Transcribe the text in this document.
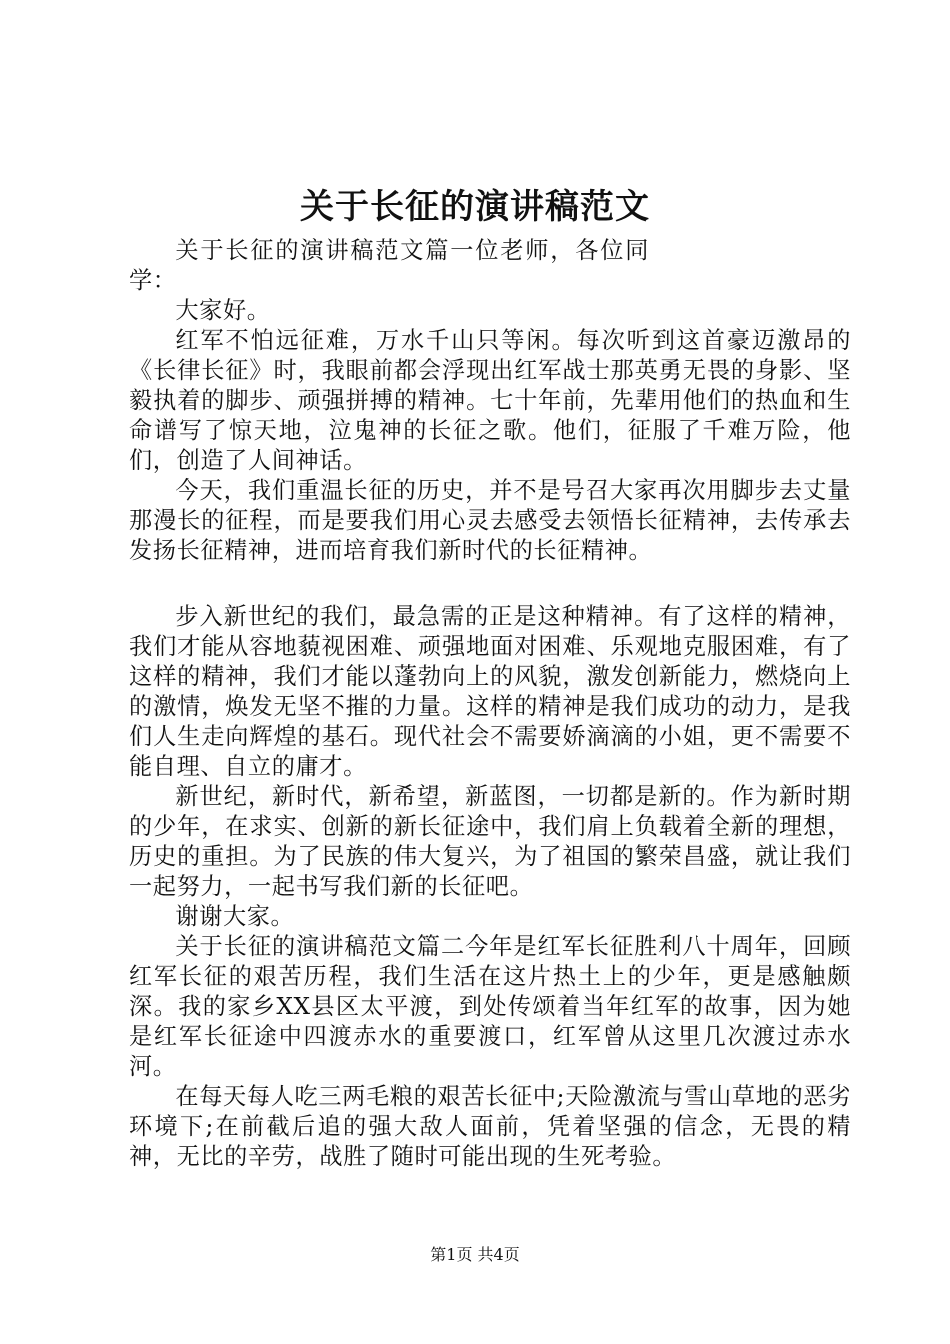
关于长征的演讲稿范文

关于长征的演讲稿范文篇一位老师，各位同学：

大家好。

红军不怕远征难，万水千山只等闲。每次听到这首豪迈激昂的《长律长征》时，我眼前都会浮现出红军战士那英勇无畏的身影、坚毅执着的脚步、顽强拼搏的精神。七十年前，先辈用他们的热血和生命谱写了惊天地，泣鬼神的长征之歌。他们，征服了千难万险，他们，创造了人间神话。

今天，我们重温长征的历史，并不是号召大家再次用脚步去丈量那漫长的征程，而是要我们用心灵去感受去领悟长征精神，去传承去发扬长征精神，进而培育我们新时代的长征精神。

步入新世纪的我们，最急需的正是这种精神。有了这样的精神，我们才能从容地藐视困难、顽强地面对困难、乐观地克服困难，有了这样的精神，我们才能以蓬勃向上的风貌，激发创新能力，燃烧向上的激情，焕发无坚不摧的力量。这样的精神是我们成功的动力，是我们人生走向辉煌的基石。现代社会不需要娇滴滴的小姐，更不需要不能自理、自立的庸才。

新世纪，新时代，新希望，新蓝图，一切都是新的。作为新时期的少年，在求实、创新的新长征途中，我们肩上负载着全新的理想，历史的重担。为了民族的伟大复兴，为了祖国的繁荣昌盛，就让我们一起努力，一起书写我们新的长征吧。

谢谢大家。

关于长征的演讲稿范文篇二今年是红军长征胜利八十周年，回顾红军长征的艰苦历程，我们生活在这片热土上的少年，更是感触颇深。我的家乡XX县区太平渡，到处传颂着当年红军的故事，因为她是红军长征途中四渡赤水的重要渡口，红军曾从这里几次渡过赤水河。

在每天每人吃三两毛粮的艰苦长征中;天险激流与雪山草地的恶劣环境下;在前截后追的强大敌人面前，凭着坚强的信念，无畏的精神，无比的辛劳，战胜了随时可能出现的生死考验。

第1页 共4页
